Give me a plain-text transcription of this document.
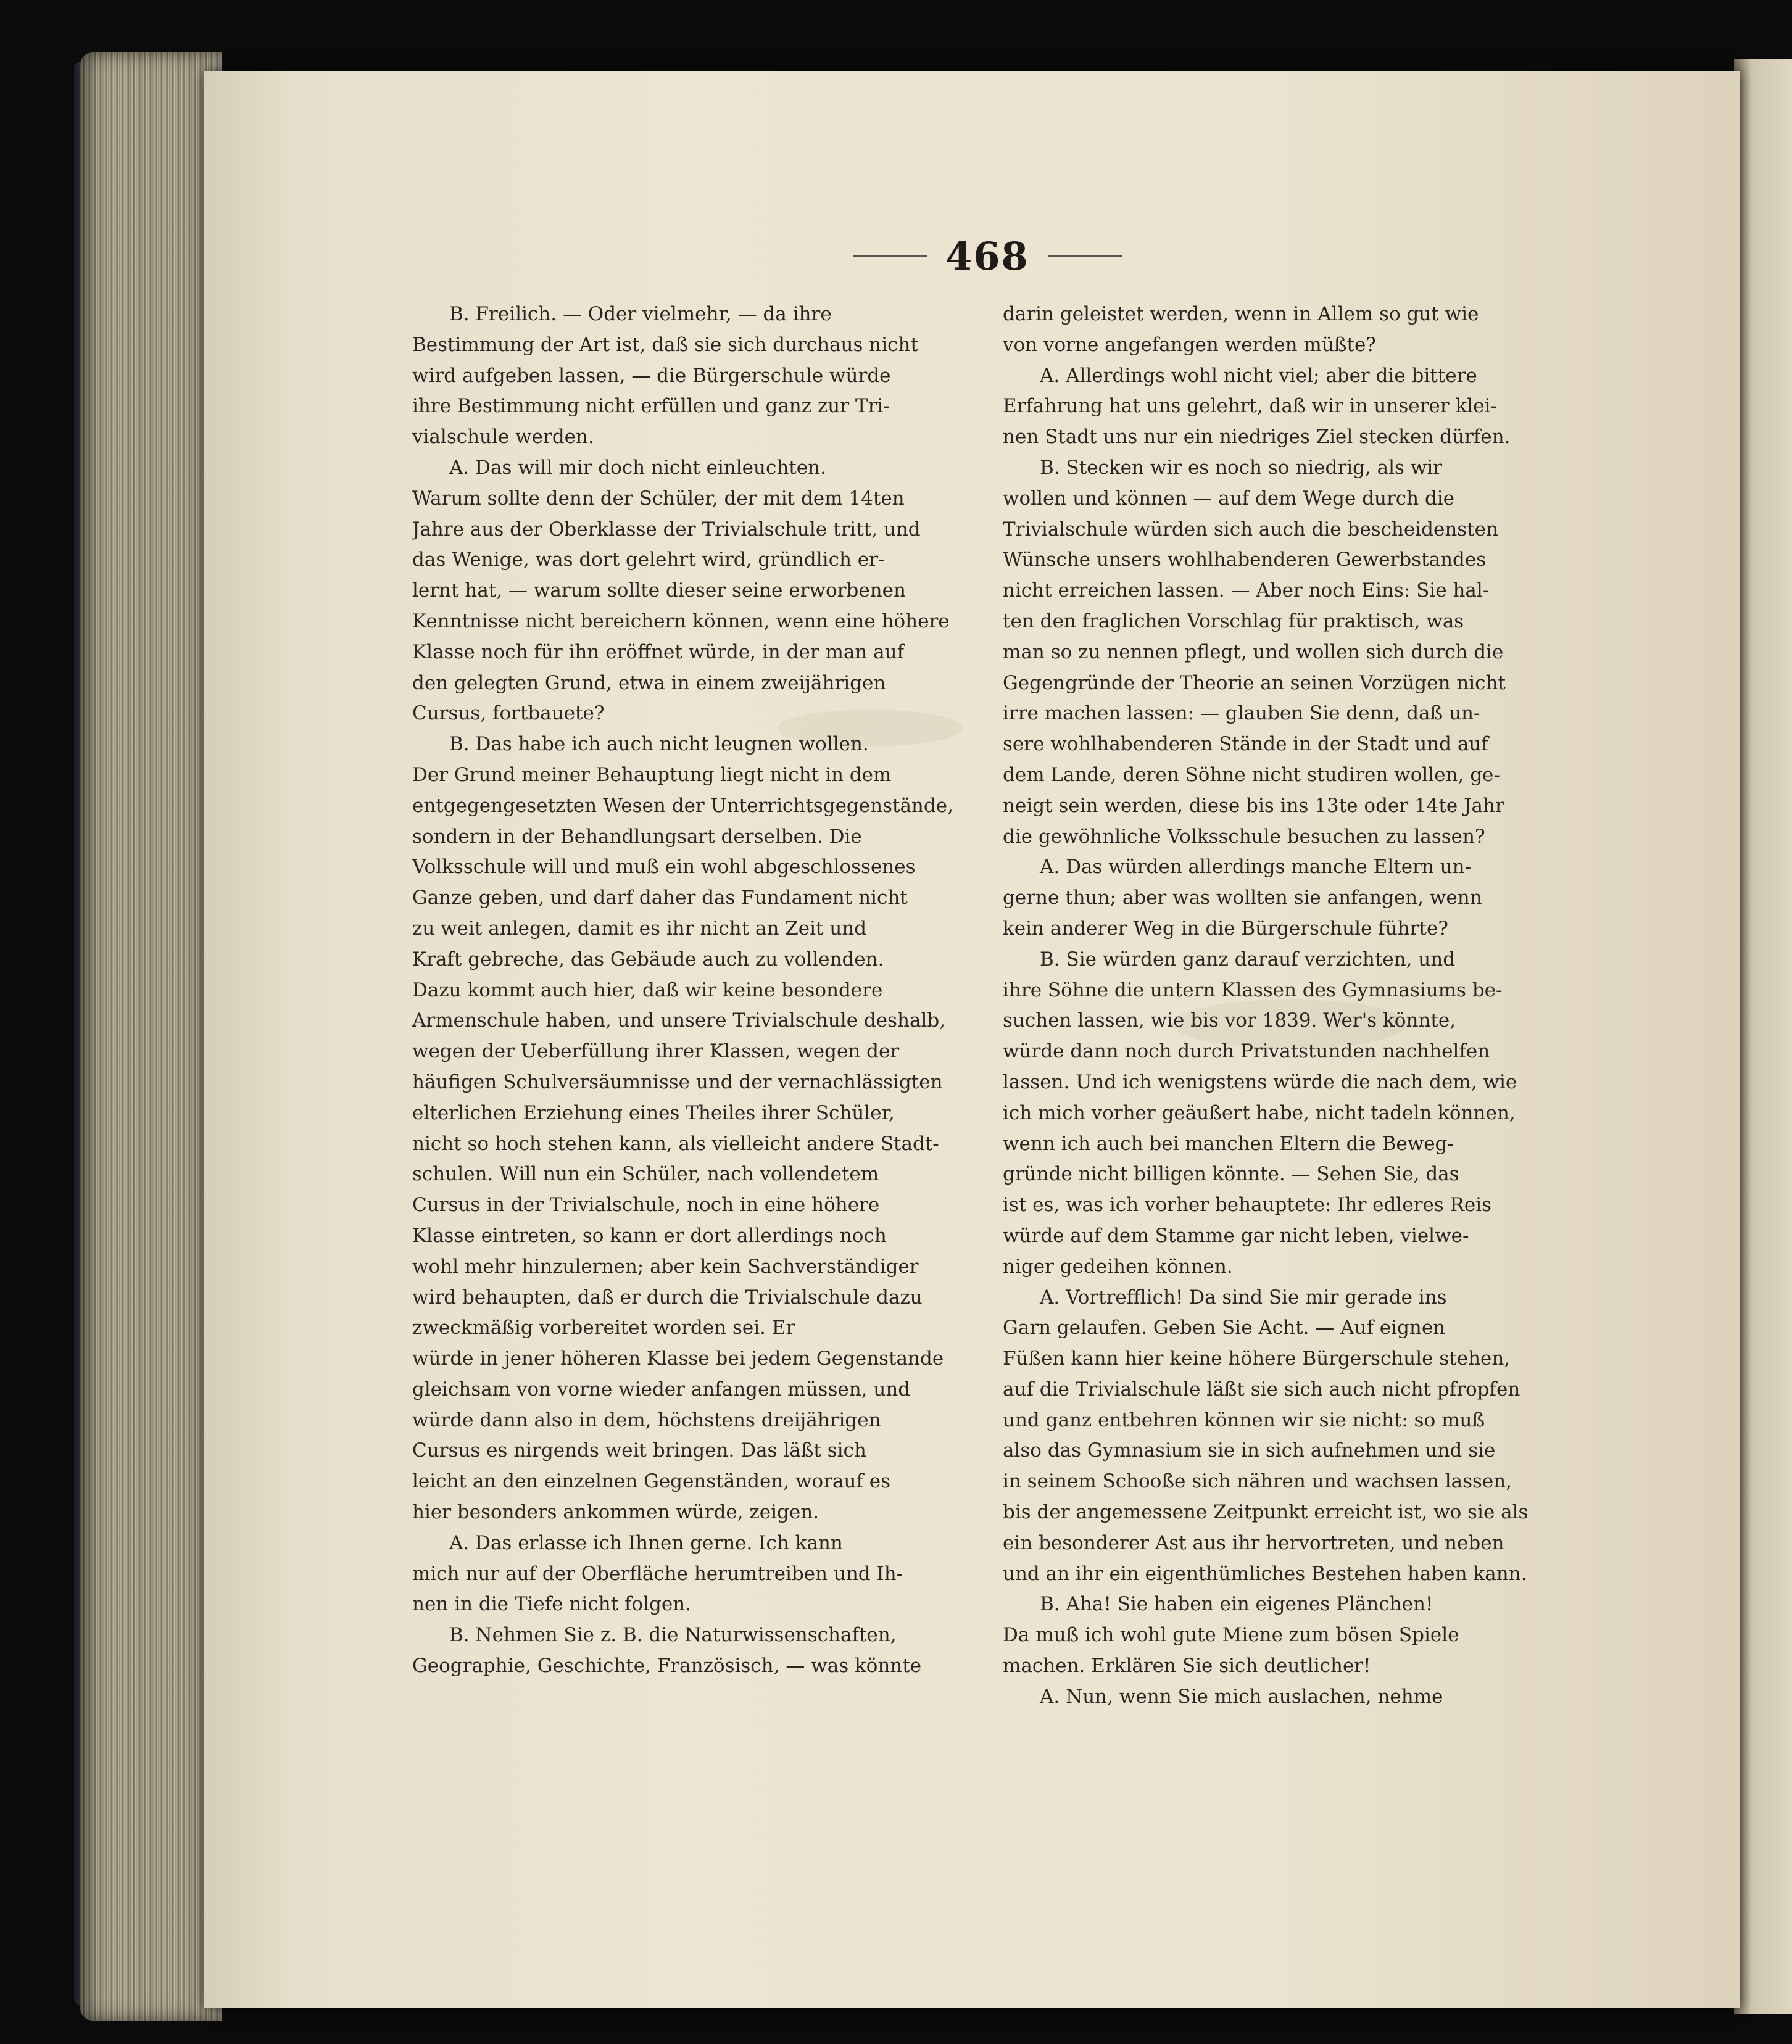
468
B. Freilich. — Oder vielmehr, — da ihre
Bestimmung der Art ist, daß sie sich durchaus nicht
wird aufgeben lassen, — die Bürgerschule würde
ihre Bestimmung nicht erfüllen und ganz zur Tri-
vialschule werden.
A. Das will mir doch nicht einleuchten.
Warum sollte denn der Schüler, der mit dem 14ten
Jahre aus der Oberklasse der Trivialschule tritt, und
das Wenige, was dort gelehrt wird, gründlich er-
lernt hat, — warum sollte dieser seine erworbenen
Kenntnisse nicht bereichern können, wenn eine höhere
Klasse noch für ihn eröffnet würde, in der man auf
den gelegten Grund, etwa in einem zweijährigen
Cursus, fortbauete?
B. Das habe ich auch nicht leugnen wollen.
Der Grund meiner Behauptung liegt nicht in dem
entgegengesetzten Wesen der Unterrichtsgegenstände,
sondern in der Behandlungsart derselben. Die
Volksschule will und muß ein wohl abgeschlossenes
Ganze geben, und darf daher das Fundament nicht
zu weit anlegen, damit es ihr nicht an Zeit und
Kraft gebreche, das Gebäude auch zu vollenden.
Dazu kommt auch hier, daß wir keine besondere
Armenschule haben, und unsere Trivialschule deshalb,
wegen der Ueberfüllung ihrer Klassen, wegen der
häufigen Schulversäumnisse und der vernachlässigten
elterlichen Erziehung eines Theiles ihrer Schüler,
nicht so hoch stehen kann, als vielleicht andere Stadt-
schulen. Will nun ein Schüler, nach vollendetem
Cursus in der Trivialschule, noch in eine höhere
Klasse eintreten, so kann er dort allerdings noch
wohl mehr hinzulernen; aber kein Sachverständiger
wird behaupten, daß er durch die Trivialschule dazu
zweckmäßig vorbereitet worden sei. Er
würde in jener höheren Klasse bei jedem Gegenstande
gleichsam von vorne wieder anfangen müssen, und
würde dann also in dem, höchstens dreijährigen
Cursus es nirgends weit bringen. Das läßt sich
leicht an den einzelnen Gegenständen, worauf es
hier besonders ankommen würde, zeigen.
A. Das erlasse ich Ihnen gerne. Ich kann
mich nur auf der Oberfläche herumtreiben und Ih-
nen in die Tiefe nicht folgen.
B. Nehmen Sie z. B. die Naturwissenschaften,
Geographie, Geschichte, Französisch, — was könnte
darin geleistet werden, wenn in Allem so gut wie
von vorne angefangen werden müßte?
A. Allerdings wohl nicht viel; aber die bittere
Erfahrung hat uns gelehrt, daß wir in unserer klei-
nen Stadt uns nur ein niedriges Ziel stecken dürfen.
B. Stecken wir es noch so niedrig, als wir
wollen und können — auf dem Wege durch die
Trivialschule würden sich auch die bescheidensten
Wünsche unsers wohlhabenderen Gewerbstandes
nicht erreichen lassen. — Aber noch Eins: Sie hal-
ten den fraglichen Vorschlag für praktisch, was
man so zu nennen pflegt, und wollen sich durch die
Gegengründe der Theorie an seinen Vorzügen nicht
irre machen lassen: — glauben Sie denn, daß un-
sere wohlhabenderen Stände in der Stadt und auf
dem Lande, deren Söhne nicht studiren wollen, ge-
neigt sein werden, diese bis ins 13te oder 14te Jahr
die gewöhnliche Volksschule besuchen zu lassen?
A. Das würden allerdings manche Eltern un-
gerne thun; aber was wollten sie anfangen, wenn
kein anderer Weg in die Bürgerschule führte?
B. Sie würden ganz darauf verzichten, und
ihre Söhne die untern Klassen des Gymnasiums be-
suchen lassen, wie bis vor 1839. Wer's könnte,
würde dann noch durch Privatstunden nachhelfen
lassen. Und ich wenigstens würde die nach dem, wie
ich mich vorher geäußert habe, nicht tadeln können,
wenn ich auch bei manchen Eltern die Beweg-
gründe nicht billigen könnte. — Sehen Sie, das
ist es, was ich vorher behauptete: Ihr edleres Reis
würde auf dem Stamme gar nicht leben, vielwe-
niger gedeihen können.
A. Vortrefflich! Da sind Sie mir gerade ins
Garn gelaufen. Geben Sie Acht. — Auf eignen
Füßen kann hier keine höhere Bürgerschule stehen,
auf die Trivialschule läßt sie sich auch nicht pfropfen
und ganz entbehren können wir sie nicht: so muß
also das Gymnasium sie in sich aufnehmen und sie
in seinem Schooße sich nähren und wachsen lassen,
bis der angemessene Zeitpunkt erreicht ist, wo sie als
ein besonderer Ast aus ihr hervortreten, und neben
und an ihr ein eigenthümliches Bestehen haben kann.
B. Aha! Sie haben ein eigenes Plänchen!
Da muß ich wohl gute Miene zum bösen Spiele
machen. Erklären Sie sich deutlicher!
A. Nun, wenn Sie mich auslachen, nehme
